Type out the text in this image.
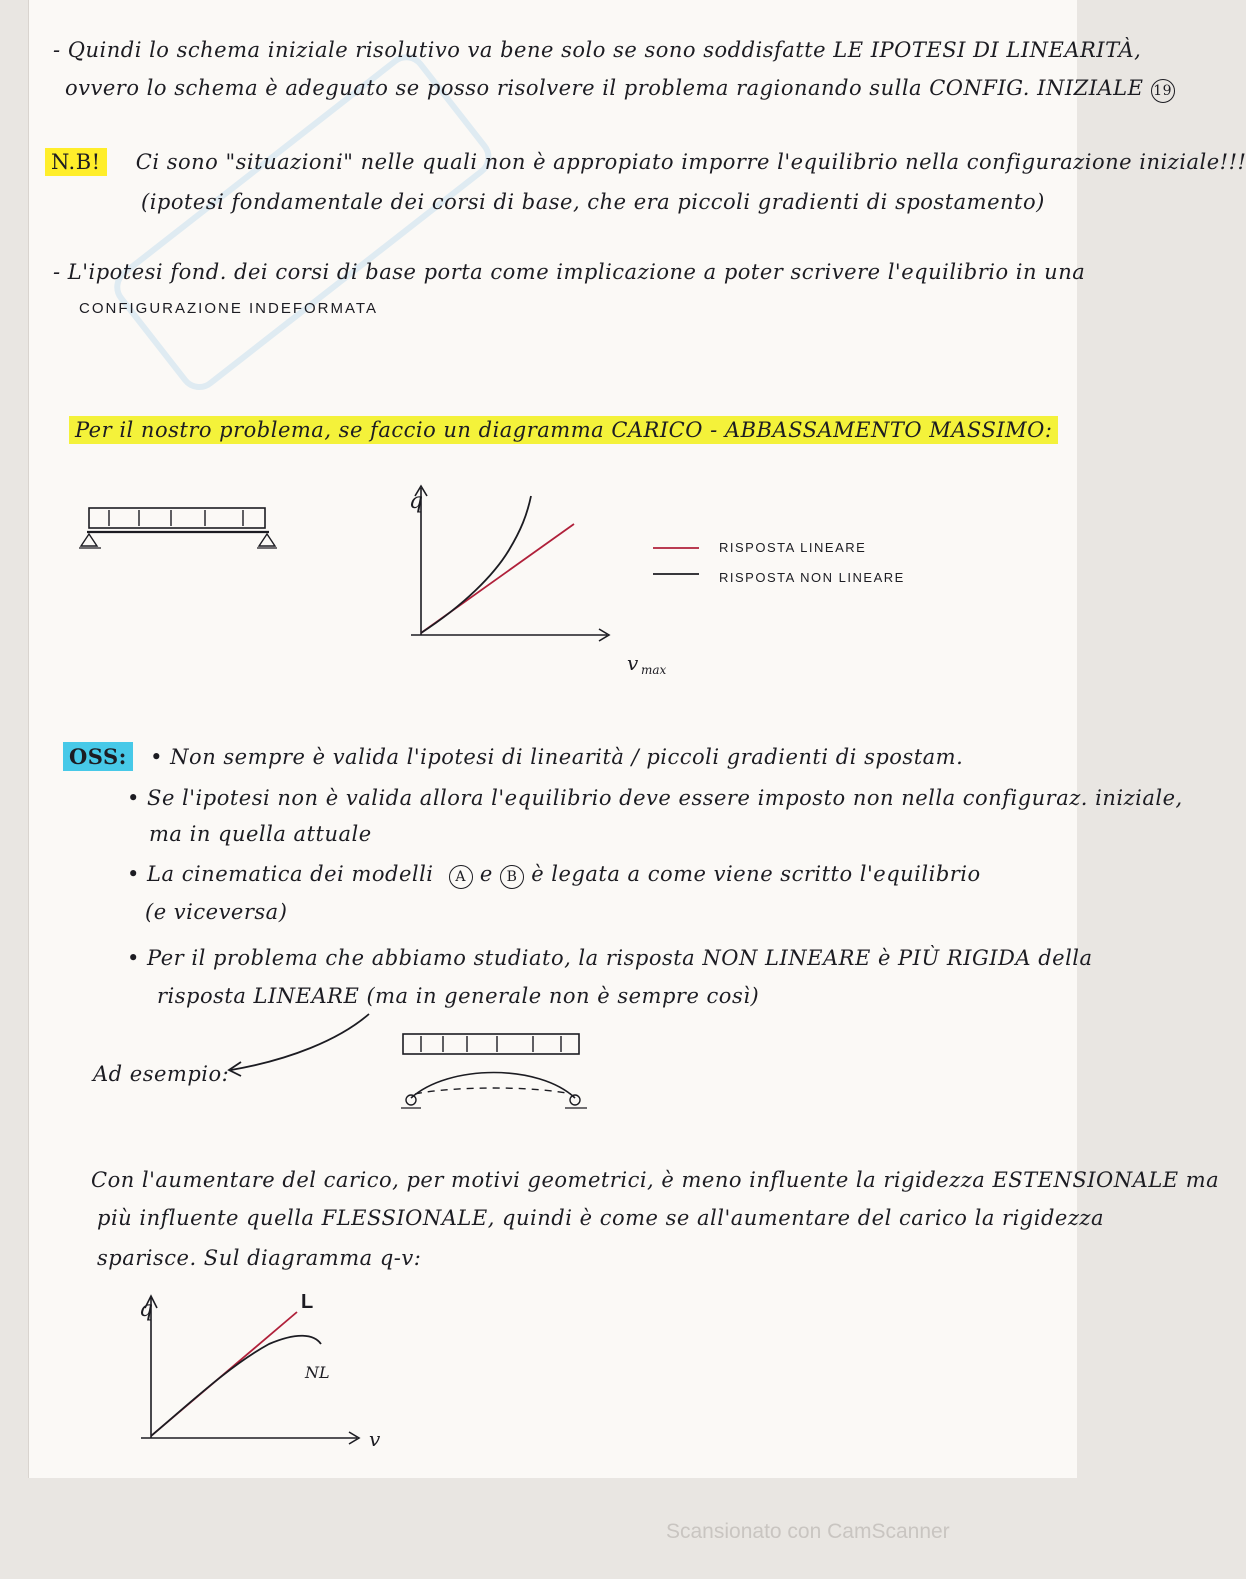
- Quindi lo schema iniziale risolutivo va bene solo se sono soddisfatte LE IPOTESI DI LINEARITÀ,
ovvero lo schema è adeguato se posso risolvere il problema ragionando sulla CONFIG. INIZIALE 19
N.B! Ci sono "situazioni" nelle quali non è appropiato imporre l'equilibrio nella configurazione iniziale!!!
(ipotesi fondamentale dei corsi di base, che era piccoli gradienti di spostamento)
- L'ipotesi fond. dei corsi di base porta come implicazione a poter scrivere l'equilibrio in una
CONFIGURAZIONE INDEFORMATA
Per il nostro problema, se faccio un diagramma CARICO - ABBASSAMENTO MASSIMO:
q
v max
RISPOSTA LINEARE
RISPOSTA NON LINEARE
OSS: • Non sempre è valida l'ipotesi di linearità / piccoli gradienti di spostam.
• Se l'ipotesi non è valida allora l'equilibrio deve essere imposto non nella configuraz. iniziale,
ma in quella attuale
• La cinematica dei modelli A e B è legata a come viene scritto l'equilibrio
(e viceversa)
• Per il problema che abbiamo studiato, la risposta NON LINEARE è PIÙ RIGIDA della
risposta LINEARE (ma in generale non è sempre così)
Ad esempio:
Con l'aumentare del carico, per motivi geometrici, è meno influente la rigidezza ESTENSIONALE ma
più influente quella FLESSIONALE, quindi è come se all'aumentare del carico la rigidezza
sparisce. Sul diagramma q-v:
q
v
L
NL
Scansionato con CamScanner
